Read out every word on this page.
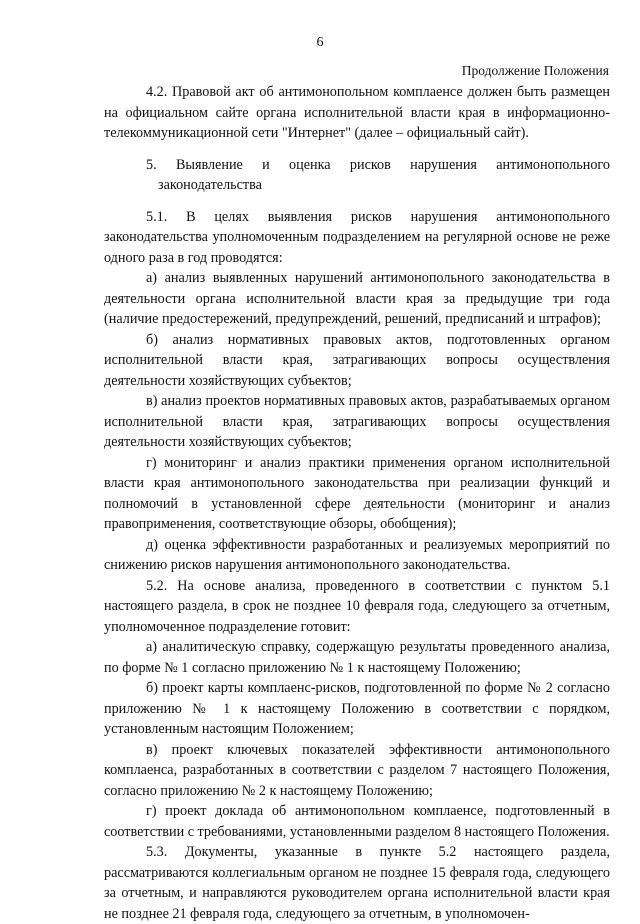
6
Продолжение Положения

4.2. Правовой акт об антимонопольном комплаенсе должен быть размещен на официальном сайте органа исполнительной власти края в информационно-телекоммуникационной сети "Интернет" (далее – официальный сайт).

5. Выявление и оценка рисков нарушения антимонопольного законодательства

5.1. В целях выявления рисков нарушения антимонопольного законодательства уполномоченным подразделением на регулярной основе не реже одного раза в год проводятся:

а) анализ выявленных нарушений антимонопольного законодательства в деятельности органа исполнительной власти края за предыдущие три года (наличие предостережений, предупреждений, решений, предписаний и штрафов);

б) анализ нормативных правовых актов, подготовленных органом исполнительной власти края, затрагивающих вопросы осуществления деятельности хозяйствующих субъектов;

в) анализ проектов нормативных правовых актов, разрабатываемых органом исполнительной власти края, затрагивающих вопросы осуществления деятельности хозяйствующих субъектов;

г) мониторинг и анализ практики применения органом исполнительной власти края антимонопольного законодательства при реализации функций и полномочий в установленной сфере деятельности (мониторинг и анализ правоприменения, соответствующие обзоры, обобщения);

д) оценка эффективности разработанных и реализуемых мероприятий по снижению рисков нарушения антимонопольного законодательства.

5.2. На основе анализа, проведенного в соответствии с пунктом 5.1 настоящего раздела, в срок не позднее 10 февраля года, следующего за отчетным, уполномоченное подразделение готовит:

а) аналитическую справку, содержащую результаты проведенного анализа, по форме № 1 согласно приложению № 1 к настоящему Положению;

б) проект карты комплаенс-рисков, подготовленной по форме № 2 согласно приложению № 1 к настоящему Положению в соответствии с порядком, установленным настоящим Положением;

в) проект ключевых показателей эффективности антимонопольного комплаенса, разработанных в соответствии с разделом 7 настоящего Положения, согласно приложению № 2 к настоящему Положению;

г) проект доклада об антимонопольном комплаенсе, подготовленный в соответствии с требованиями, установленными разделом 8 настоящего Положения.

5.3. Документы, указанные в пункте 5.2 настоящего раздела, рассматриваются коллегиальным органом не позднее 15 февраля года, следующего за отчетным, и направляются руководителем органа исполнительной власти края не позднее 21 февраля года, следующего за отчетным, в уполномочен-
